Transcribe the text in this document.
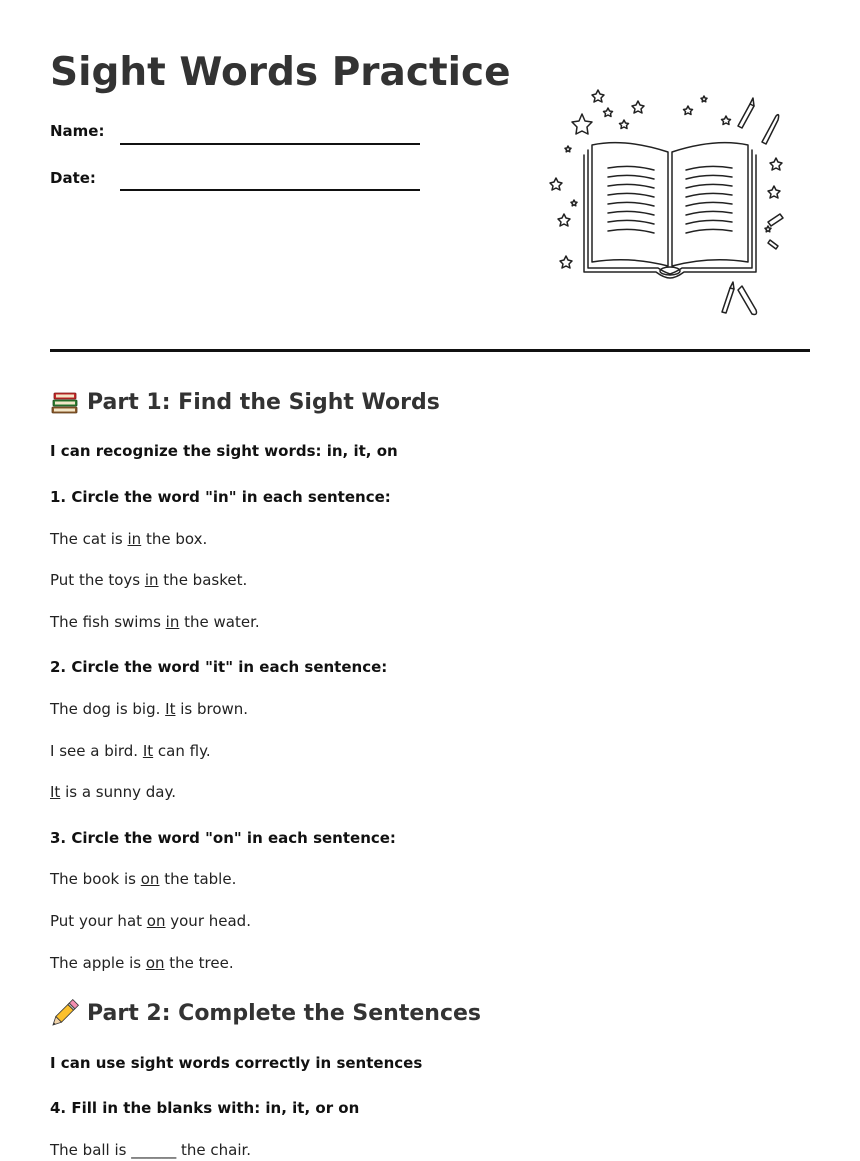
Sight Words Practice
Name:
Date:
Part 1: Find the Sight Words
I can recognize the sight words: in, it, on
1. Circle the word "in" in each sentence:
The cat is in the box.
Put the toys in the basket.
The fish swims in the water.
2. Circle the word "it" in each sentence:
The dog is big. It is brown.
I see a bird. It can fly.
It is a sunny day.
3. Circle the word "on" in each sentence:
The book is on the table.
Put your hat on your head.
The apple is on the tree.
Part 2: Complete the Sentences
I can use sight words correctly in sentences
4. Fill in the blanks with: in, it, or on
The ball is ______ the chair.
